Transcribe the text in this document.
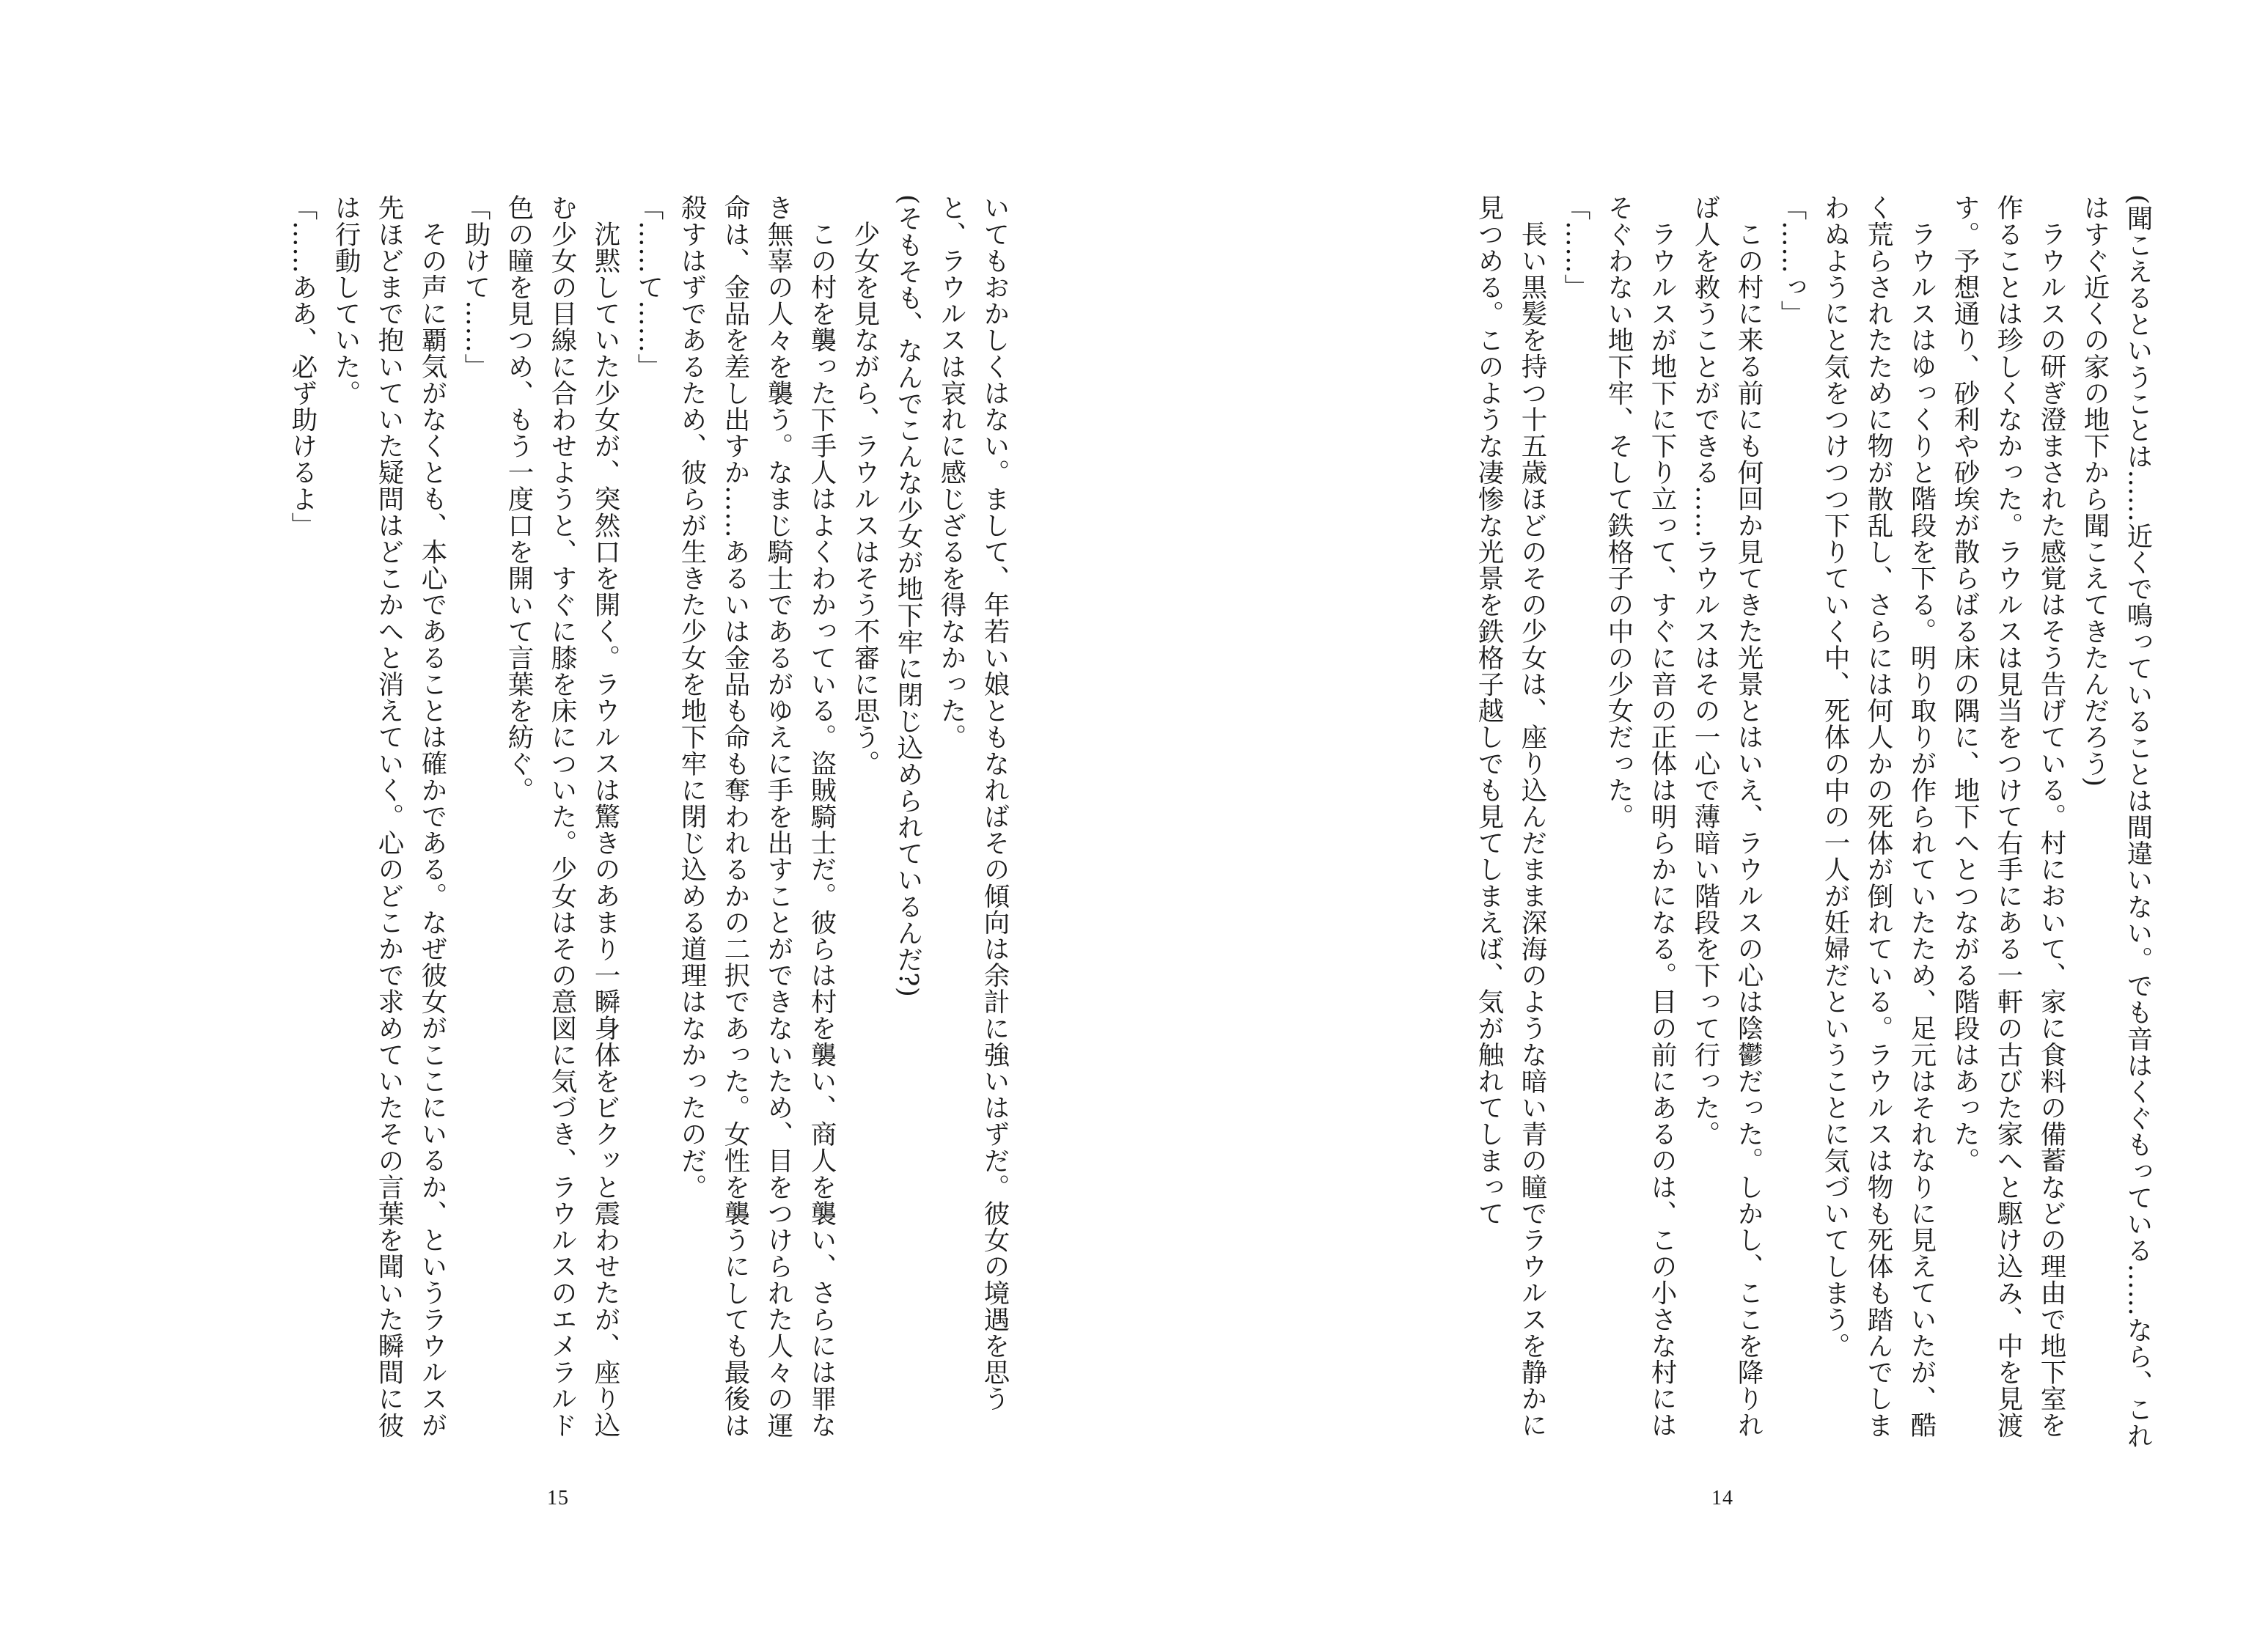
いてもおかしくはない。まして、年若い娘ともなればその傾向は余計に強いはずだ。彼女の境遇を思うと、ラウルスは哀れに感じざるを得なかった。

(そもそも、なんでこんな少女が地下牢に閉じ込められているんだ?)

少女を見ながら、ラウルスはそう不審に思う。

この村を襲った下手人はよくわかっている。盗賊騎士だ。彼らは村を襲い、商人を襲い、さらには罪なき無辜の人々を襲う。なまじ騎士であるがゆえに手を出すことができないため、目をつけられた人々の運命は、金品を差し出すか……あるいは金品も命も奪われるかの二択であった。女性を襲うにしても最後は殺すはずであるため、彼らが生きた少女を地下牢に閉じ込める道理はなかったのだ。

「……て……」

沈黙していた少女が、突然口を開く。ラウルスは驚きのあまり一瞬身体をビクッと震わせたが、座り込む少女の目線に合わせようと、すぐに膝を床についた。少女はその意図に気づき、ラウルスのエメラルド色の瞳を見つめ、もう一度口を開いて言葉を紡ぐ。

「助けて……」

その声に覇気がなくとも、本心であることは確かである。なぜ彼女がここにいるか、というラウルスが先ほどまで抱いていた疑問はどこかへと消えていく。心のどこかで求めていたその言葉を聞いた瞬間に彼は行動していた。

「……ああ、必ず助けるよ」

15

(聞こえるということは……近くで鳴っていることは間違いない。でも音はくぐもっている……なら、これはすぐ近くの家の地下から聞こえてきたんだろう)

ラウルスの研ぎ澄まされた感覚はそう告げている。村において、家に食料の備蓄などの理由で地下室を作ることは珍しくなかった。ラウルスは見当をつけて右手にある一軒の古びた家へと駆け込み、中を見渡す。予想通り、砂利や砂埃が散らばる床の隅に、地下へとつながる階段はあった。

ラウルスはゆっくりと階段を下る。明り取りが作られていたため、足元はそれなりに見えていたが、酷く荒らされたために物が散乱し、さらには何人かの死体が倒れている。ラウルスは物も死体も踏んでしまわぬようにと気をつけつつ下りていく中、死体の中の一人が妊婦だということに気づいてしまう。

「……っ」

この村に来る前にも何回か見てきた光景とはいえ、ラウルスの心は陰鬱だった。しかし、ここを降りれば人を救うことができる……ラウルスはその一心で薄暗い階段を下って行った。

ラウルスが地下に下り立って、すぐに音の正体は明らかになる。目の前にあるのは、この小さな村にはそぐわない地下牢、そして鉄格子の中の少女だった。

「……」

長い黒髪を持つ十五歳ほどのその少女は、座り込んだまま深海のような暗い青の瞳でラウルスを静かに見つめる。このような凄惨な光景を鉄格子越しでも見てしまえば、気が触れてしまって

14
